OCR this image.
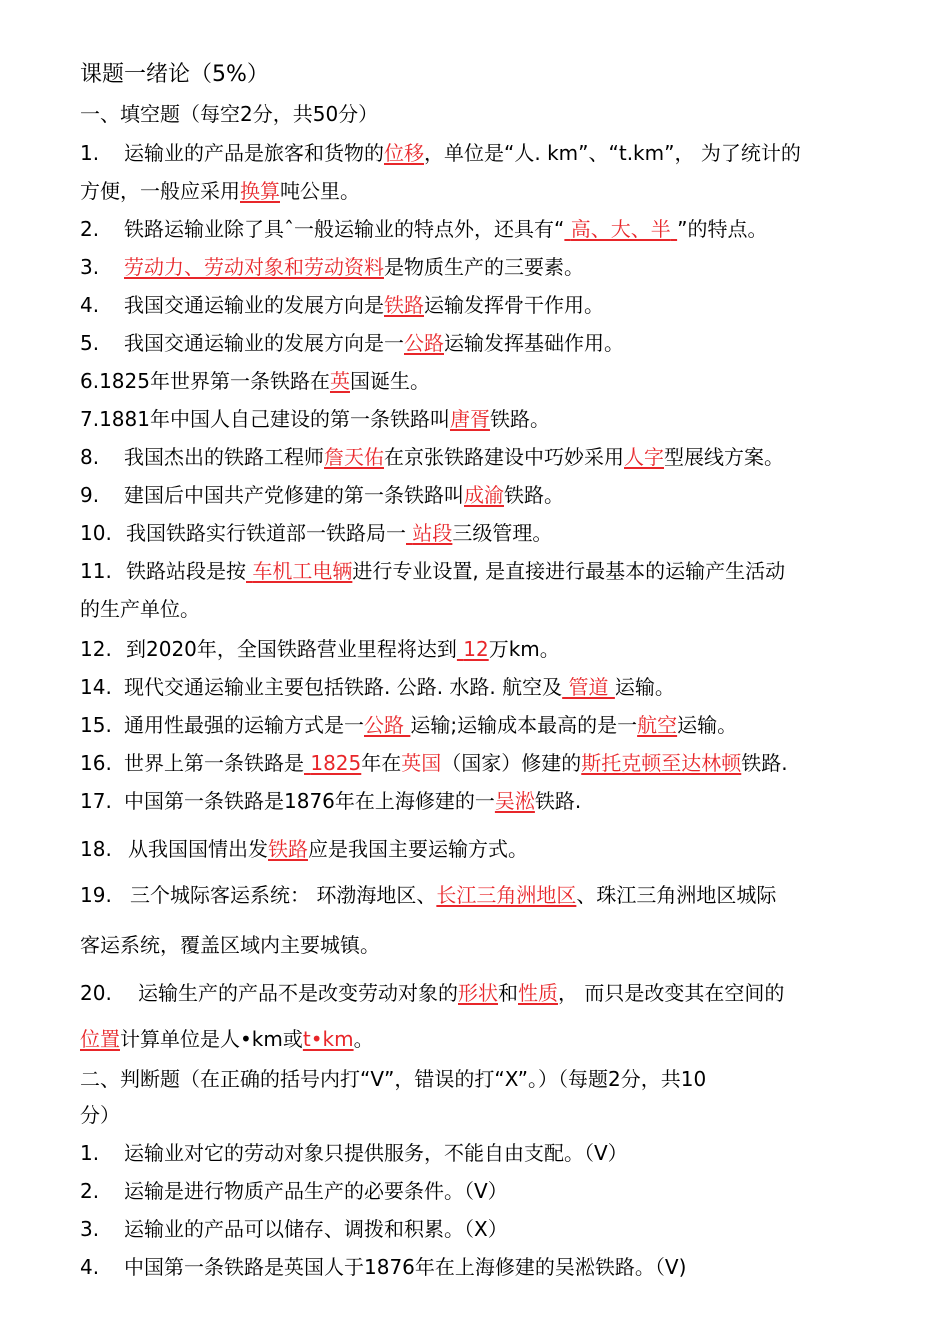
课题一绪论（5%）
一、填空题（每空2分，共50分）
1. 运输业的产品是旅客和货物的位移，单位是“人. km”、“t.km”， 为了统计的
方便，一般应采用换算吨公里。
2. 铁路运输业除了具ˆ一般运输业的特点外，还具有“ 高、大、半 ”的特点。
3. 劳动力、劳动对象和劳动资料是物质生产的三要素。
4. 我国交通运输业的发展方向是铁路运输发挥骨干作用。
5. 我国交通运输业的发展方向是一公路运输发挥基础作用。
6.1825年世界第一条铁路在英国诞生。
7.1881年中国人自己建设的第一条铁路叫唐胥铁路。
8. 我国杰出的铁路工程师詹天佑在京张铁路建设中巧妙采用人字型展线方案。
9. 建国后中国共产党修建的第一条铁路叫成渝铁路。
10. 我国铁路实行铁道部一铁路局一 站段三级管理。
11. 铁路站段是按 车机工电辆进行专业设置, 是直接进行最基本的运输产生活动
的生产单位。
12. 到2020年，全国铁路营业里程将达到 12万km。
14. 现代交通运输业主要包括铁路. 公路. 水路. 航空及 管道 运输。
15. 通用性最强的运输方式是一公路 运输;运输成本最高的是一航空运输。
16. 世界上第一条铁路是 1825年在英国（国家）修建的斯托克顿至达林顿铁路.
17. 中国第一条铁路是1876年在上海修建的一吴淞铁路.
18. 从我国国情出发铁路应是我国主要运输方式。
19. 三个城际客运系统： 环渤海地区、长江三角洲地区、珠江三角洲地区城际
客运系统，覆盖区域内主要城镇。
20. 运输生产的产品不是改变劳动对象的形状和性质， 而只是改变其在空间的
位置计算单位是人•km或t•km。
二、判断题（在正确的括号内打“V”，错误的打“X”。）（每题2分，共10
分）
1. 运输业对它的劳动对象只提供服务，不能自由支配。（V）
2. 运输是进行物质产品生产的必要条件。（V）
3. 运输业的产品可以储存、调拨和积累。（X）
4. 中国第一条铁路是英国人于1876年在上海修建的吴淞铁路。（V)
